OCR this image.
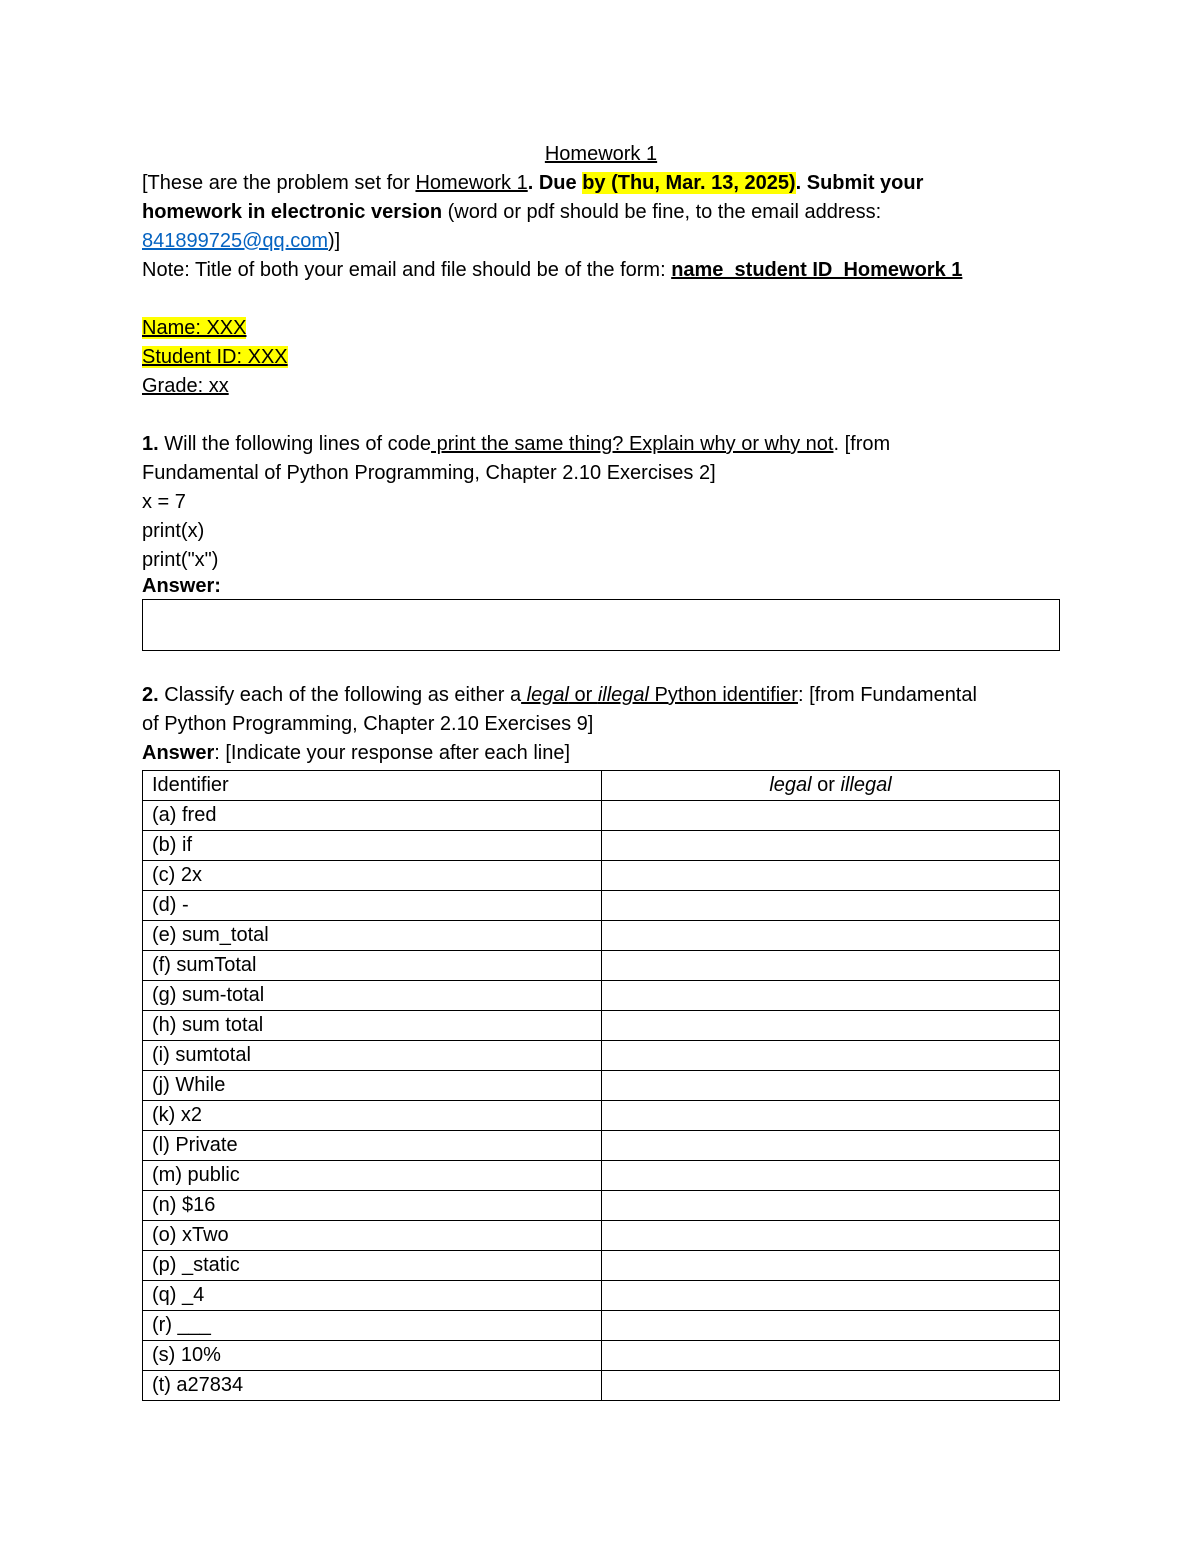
Homework 1

[These are the problem set for Homework 1. Due by (Thu, Mar. 13, 2025). Submit your

homework in electronic version (word or pdf should be fine, to the email address:

841899725@qq.com)]

Note: Title of both your email and file should be of the form: name_student ID_Homework 1

Name: XXX

Student ID: XXX

Grade: xx

1. Will the following lines of code print the same thing? Explain why or why not. [from

Fundamental of Python Programming, Chapter 2.10 Exercises 2]

x = 7

print(x)

print("x")

Answer:

2. Classify each of the following as either a legal or illegal Python identifier: [from Fundamental

of Python Programming, Chapter 2.10 Exercises 9]

Answer: [Indicate your response after each line]

Identifier	legal or illegal
(a) fred	
(b) if	
(c) 2x	
(d) -	
(e) sum_total	
(f) sumTotal	
(g) sum-total	
(h) sum total	
(i) sumtotal	
(j) While	
(k) x2	
(l) Private	
(m) public	
(n) $16	
(o) xTwo	
(p) _static	
(q) _4	
(r) ___	
(s) 10%	
(t) a27834	
